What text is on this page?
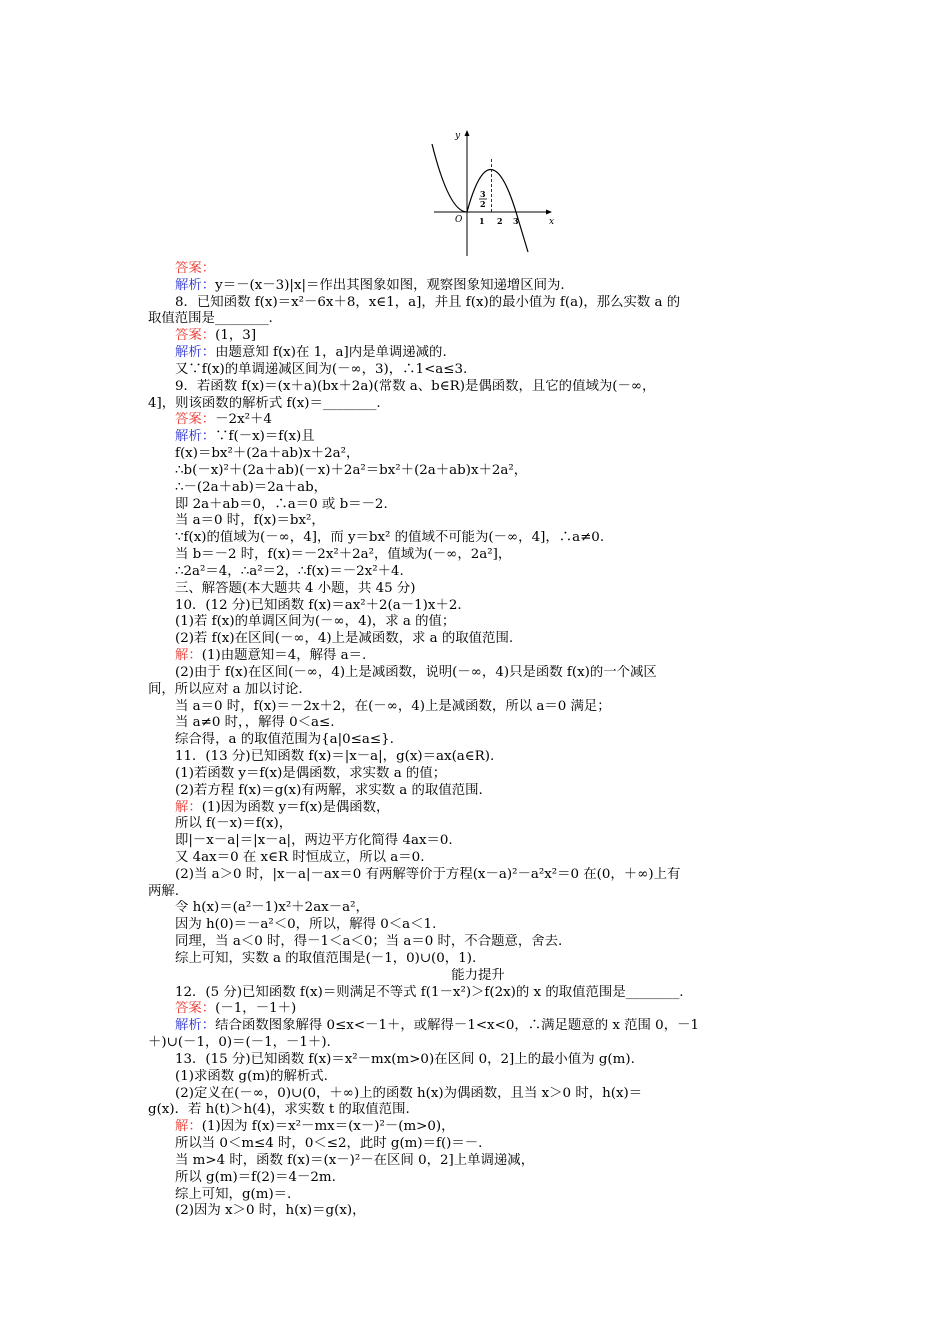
y
x
O
3
2
1 2 3
答案：
解析：y＝－(x－3)|x|＝作出其图象如图，观察图象知递增区间为.
8．已知函数 f(x)＝x²－6x＋8，x∈1，a]，并且 f(x)的最小值为 f(a)，那么实数 a 的
取值范围是________.
答案：(1，3]
解析：由题意知 f(x)在 1，a]内是单调递减的.
又∵f(x)的单调递减区间为(－∞，3)，∴1<a≤3.
9．若函数 f(x)＝(x＋a)(bx＋2a)(常数 a、b∈R)是偶函数，且它的值域为(－∞，
4]，则该函数的解析式 f(x)＝________.
答案：－2x²＋4
解析：∵f(－x)＝f(x)且
f(x)＝bx²＋(2a＋ab)x＋2a²，
∴b(－x)²＋(2a＋ab)(－x)＋2a²＝bx²＋(2a＋ab)x＋2a²，
∴－(2a＋ab)＝2a＋ab，
即 2a＋ab＝0，∴a＝0 或 b＝－2.
当 a＝0 时，f(x)＝bx²，
∵f(x)的值域为(－∞，4]，而 y＝bx² 的值域不可能为(－∞，4]，∴a≠0.
当 b＝－2 时，f(x)＝－2x²＋2a²，值域为(－∞，2a²]，
∴2a²＝4，∴a²＝2，∴f(x)＝－2x²＋4.
三、解答题(本大题共 4 小题，共 45 分)
10．(12 分)已知函数 f(x)＝ax²＋2(a－1)x＋2.
(1)若 f(x)的单调区间为(－∞，4)，求 a 的值；
(2)若 f(x)在区间(－∞，4)上是减函数，求 a 的取值范围.
解：(1)由题意知＝4，解得 a＝.
(2)由于 f(x)在区间(－∞，4)上是减函数，说明(－∞，4)只是函数 f(x)的一个减区
间，所以应对 a 加以讨论.
当 a＝0 时，f(x)＝－2x＋2，在(－∞，4)上是减函数，所以 a＝0 满足；
当 a≠0 时，，解得 0＜a≤.
综合得，a 的取值范围为{a|0≤a≤}.
11．(13 分)已知函数 f(x)＝|x－a|，g(x)＝ax(a∈R).
(1)若函数 y＝f(x)是偶函数，求实数 a 的值；
(2)若方程 f(x)＝g(x)有两解，求实数 a 的取值范围.
解：(1)因为函数 y＝f(x)是偶函数，
所以 f(－x)＝f(x)，
即|－x－a|＝|x－a|，两边平方化简得 4ax＝0.
又 4ax＝0 在 x∈R 时恒成立，所以 a＝0.
(2)当 a＞0 时，|x－a|－ax＝0 有两解等价于方程(x－a)²－a²x²＝0 在(0，＋∞)上有
两解.
令 h(x)＝(a²－1)x²＋2ax－a²，
因为 h(0)＝－a²＜0，所以，解得 0＜a＜1.
同理，当 a＜0 时，得－1＜a＜0；当 a＝0 时，不合题意，舍去.
综上可知，实数 a 的取值范围是(－1，0)∪(0，1).
能力提升
12．(5 分)已知函数 f(x)＝则满足不等式 f(1－x²)＞f(2x)的 x 的取值范围是________.
答案：(－1，－1＋)
解析：结合函数图象解得 0≤x<－1＋，或解得－1<x<0，∴满足题意的 x 范围 0，－1
＋)∪(－1，0)＝(－1，－1＋).
13．(15 分)已知函数 f(x)＝x²－mx(m>0)在区间 0，2]上的最小值为 g(m).
(1)求函数 g(m)的解析式.
(2)定义在(－∞，0)∪(0，＋∞)上的函数 h(x)为偶函数，且当 x＞0 时，h(x)＝
g(x)．若 h(t)＞h(4)，求实数 t 的取值范围.
解：(1)因为 f(x)＝x²－mx＝(x－)²－(m>0)，
所以当 0＜m≤4 时，0＜≤2，此时 g(m)＝f()＝－.
当 m>4 时，函数 f(x)＝(x－)²－在区间 0，2]上单调递减，
所以 g(m)＝f(2)＝4－2m.
综上可知，g(m)＝.
(2)因为 x＞0 时，h(x)＝g(x)，
